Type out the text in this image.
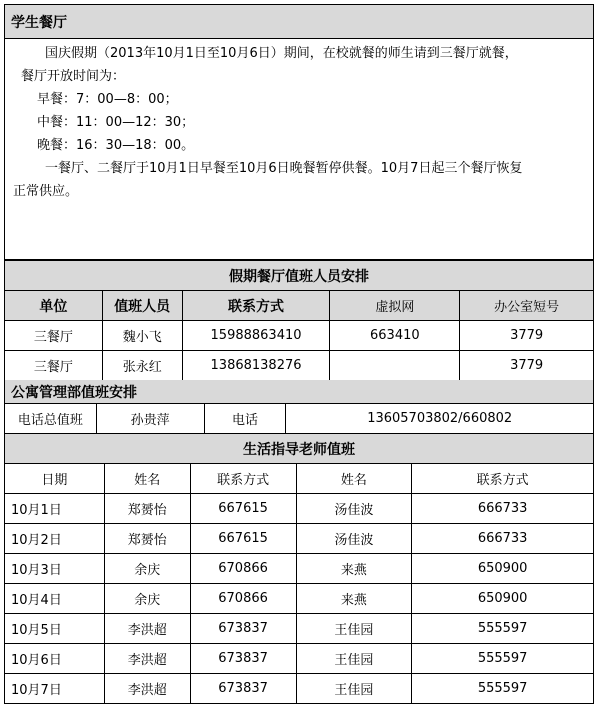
学生餐厅

国庆假期（2013年10月1日至10月6日）期间，在校就餐的师生请到三餐厅就餐，

餐厅开放时间为：

早餐：7：00—8：00；

中餐：11：00—12：30；

晚餐：16：30—18：00。

一餐厅、二餐厅于10月1日早餐至10月6日晚餐暂停供餐。10月7日起三个餐厅恢复

正常供应。

假期餐厅值班人员安排				
单位	值班人员	联系方式	虚拟网	办公室短号
三餐厅	魏小飞	15988863410	663410	3779
三餐厅	张永红	13868138276		3779
公寓管理部值班安排
电话总值班	孙贵萍	电话	13605703802/660802
生活指导老师值班				
日期	姓名	联系方式	姓名	联系方式
10月1日	郑赟怡	667615	汤佳波	666733
10月2日	郑赟怡	667615	汤佳波	666733
10月3日	余庆	670866	来燕	650900
10月4日	余庆	670866	来燕	650900
10月5日	李洪超	673837	王佳园	555597
10月6日	李洪超	673837	王佳园	555597
10月7日	李洪超	673837	王佳园	555597
